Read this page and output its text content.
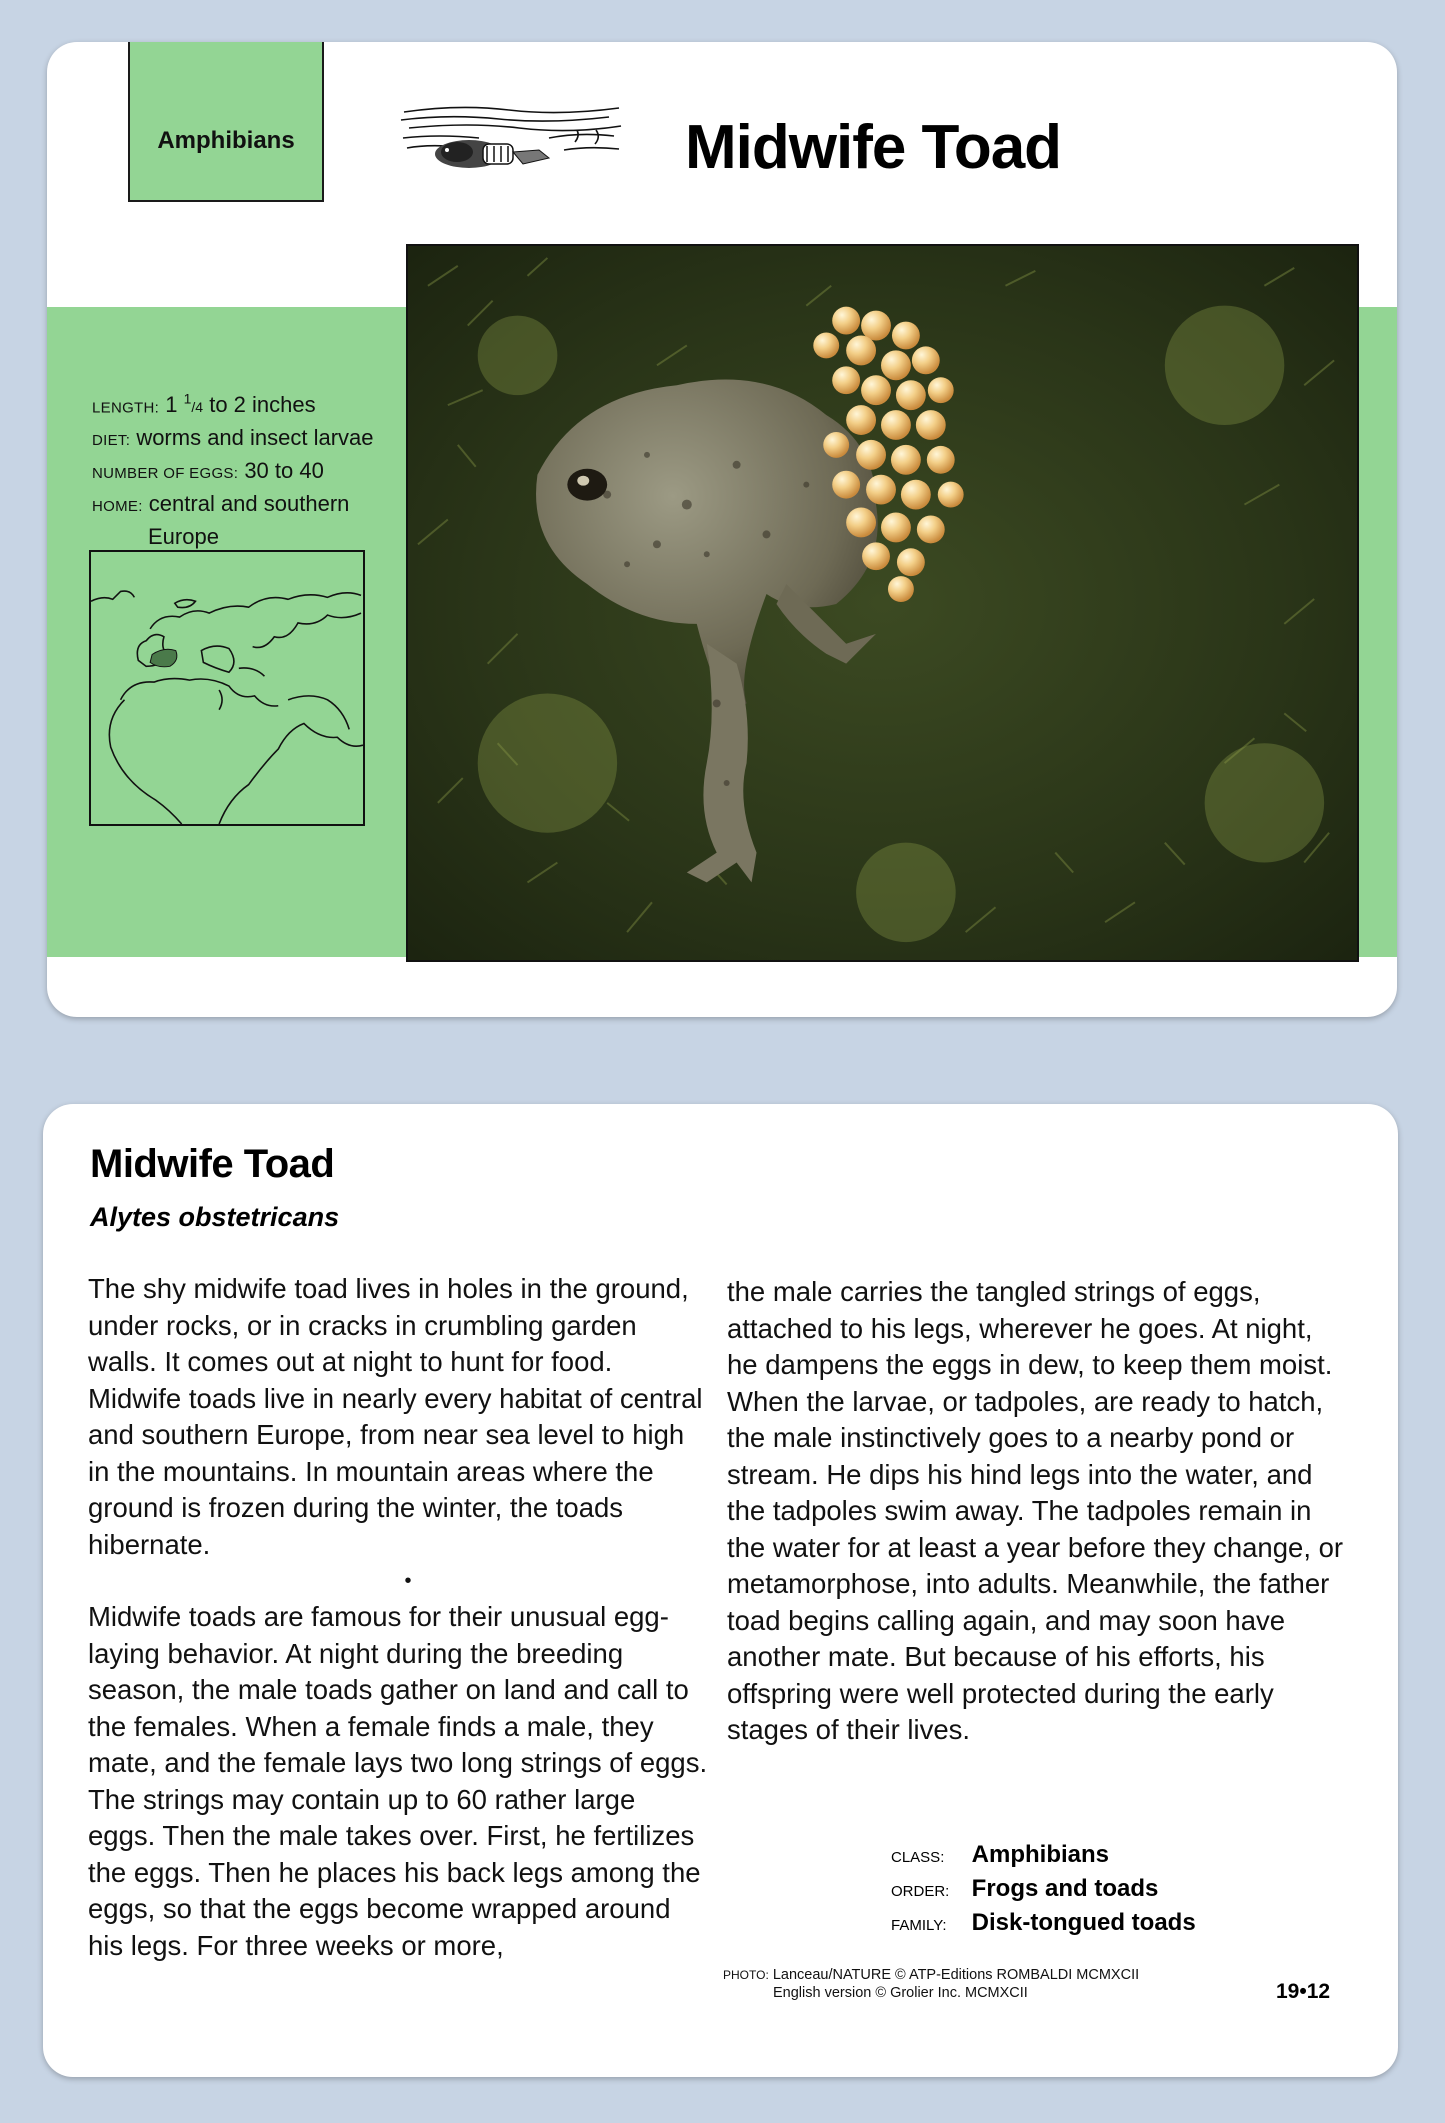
Amphibians	Midwife Toad
LENGTH: 1 $^1$/4 to 2 inches
DIET: worms and insect larvae
NUMBER OF EGGS: 30 to 40
HOME: central and southern
Europe
Midwife Toad
Alytes obstetricans

The shy midwife toad lives in holes in the ground, under rocks, or in cracks in crumbling garden walls. It comes out at night to hunt for food. Midwife toads live in nearly every habitat of central and southern Europe, from near sea level to high in the mountains. In mountain areas where the ground is frozen during the winter, the toads hibernate.

•

Midwife toads are famous for their unusual egg-laying behavior. At night during the breeding season, the male toads gather on land and call to the females. When a female finds a male, they mate, and the female lays two long strings of eggs. The strings may contain up to 60 rather large eggs. Then the male takes over. First, he fertilizes the eggs. Then he places his back legs among the eggs, so that the eggs become wrapped around his legs. For three weeks or more,

the male carries the tangled strings of eggs, attached to his legs, wherever he goes. At night, he dampens the eggs in dew, to keep them moist. When the larvae, or tadpoles, are ready to hatch, the male instinctively goes to a nearby pond or stream. He dips his hind legs into the water, and the tadpoles swim away. The tadpoles remain in the water for at least a year before they change, or metamorphose, into adults. Meanwhile, the father toad begins calling again, and may soon have another mate. But because of his efforts, his offspring were well protected during the early stages of their lives.

CLASS: Amphibians
ORDER: Frogs and toads
FAMILY: Disk-tongued toads
PHOTO: Lanceau/NATURE © ATP-Editions ROMBALDI MCMXCII
English version © Grolier Inc. MCMXCII	19•12
